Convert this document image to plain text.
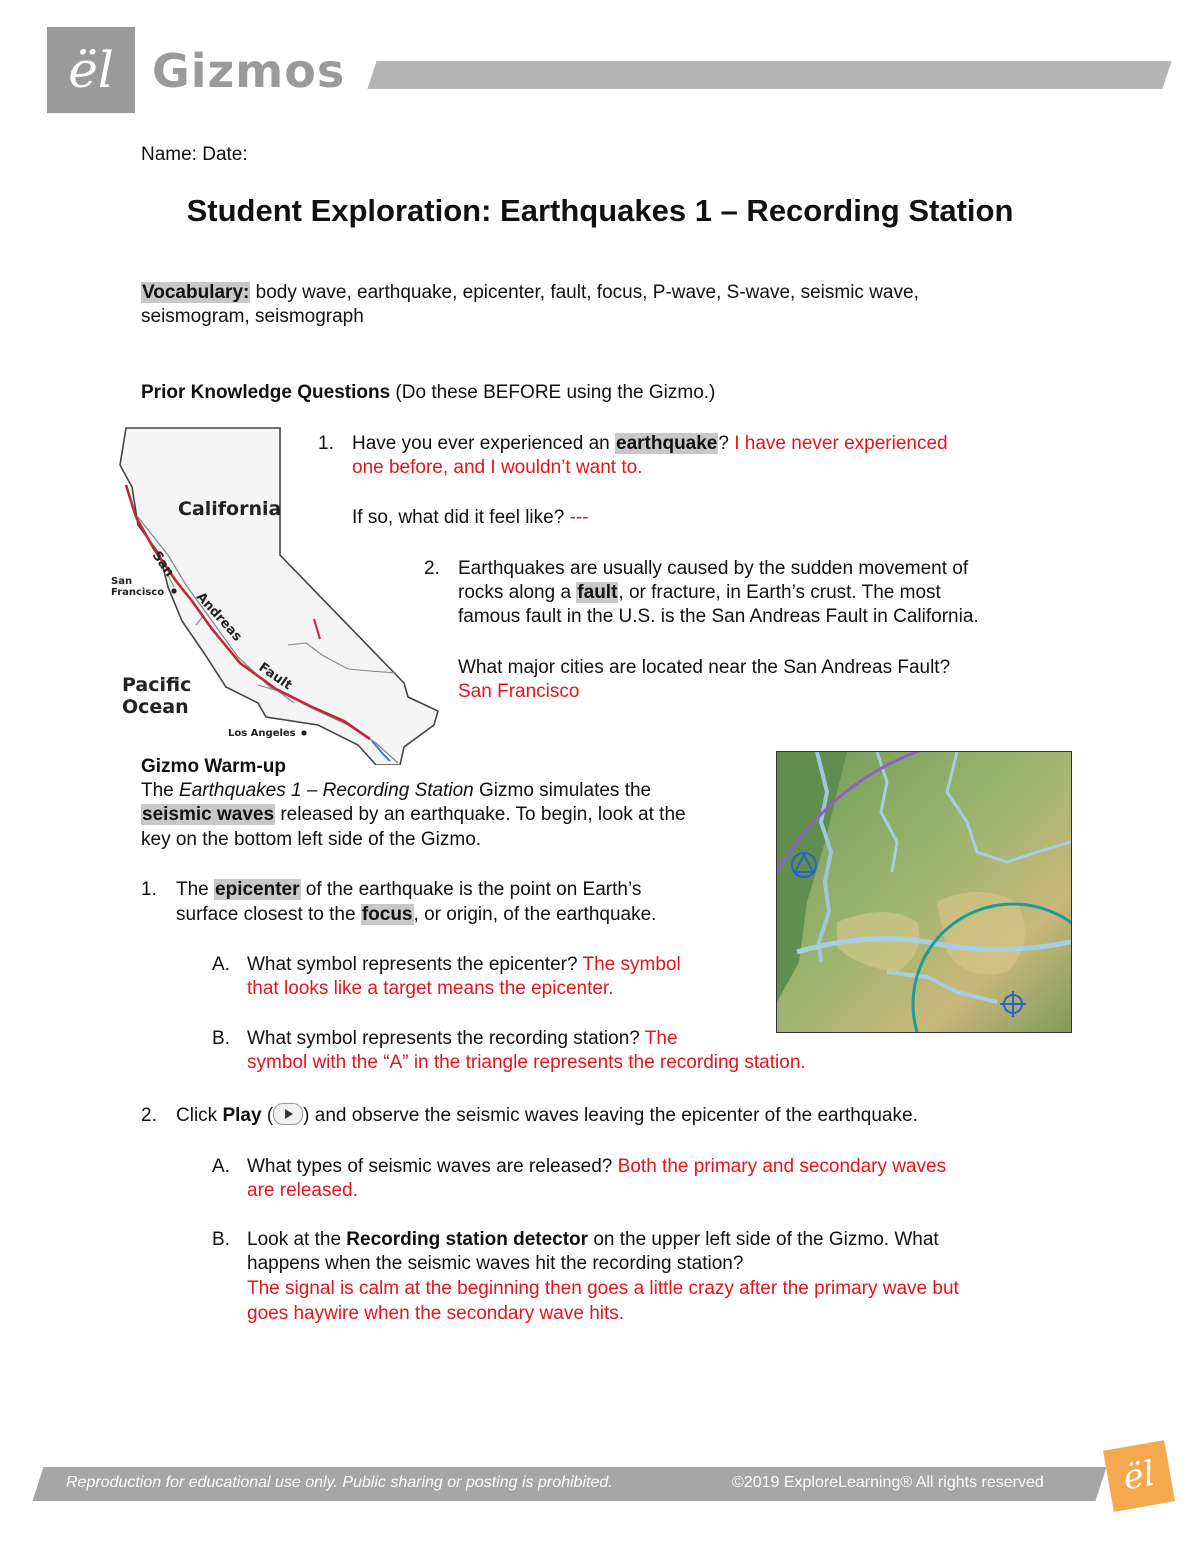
ël Gizmos
Name: Date:
Student Exploration: Earthquakes 1 – Recording Station
Vocabulary: body wave, earthquake, epicenter, fault, focus, P-wave, S-wave, seismic wave,
seismogram, seismograph
Prior Knowledge Questions (Do these BEFORE using the Gizmo.)
California
San
Andreas
Fault
San
Francisco
Pacific
Ocean
Los Angeles
1. Have you ever experienced an earthquake? I have never experienced
one before, and I wouldn’t want to.
If so, what did it feel like? ---
2. Earthquakes are usually caused by the sudden movement of
rocks along a fault, or fracture, in Earth’s crust. The most
famous fault in the U.S. is the San Andreas Fault in California.
What major cities are located near the San Andreas Fault?
San Francisco
Gizmo Warm-up
The Earthquakes 1 – Recording Station Gizmo simulates the
seismic waves released by an earthquake. To begin, look at the
key on the bottom left side of the Gizmo.
1. The epicenter of the earthquake is the point on Earth’s
surface closest to the focus, or origin, of the earthquake.
A. What symbol represents the epicenter? The symbol
that looks like a target means the epicenter.
B. What symbol represents the recording station? The
symbol with the “A” in the triangle represents the recording station.
2. Click Play ( ) and observe the seismic waves leaving the epicenter of the earthquake.
A. What types of seismic waves are released? Both the primary and secondary waves
are released.
B. Look at the Recording station detector on the upper left side of the Gizmo. What
happens when the seismic waves hit the recording station?
The signal is calm at the beginning then goes a little crazy after the primary wave but
goes haywire when the secondary wave hits.
Reproduction for educational use only. Public sharing or posting is prohibited.	©2019 ExploreLearning® All rights reserved ël
